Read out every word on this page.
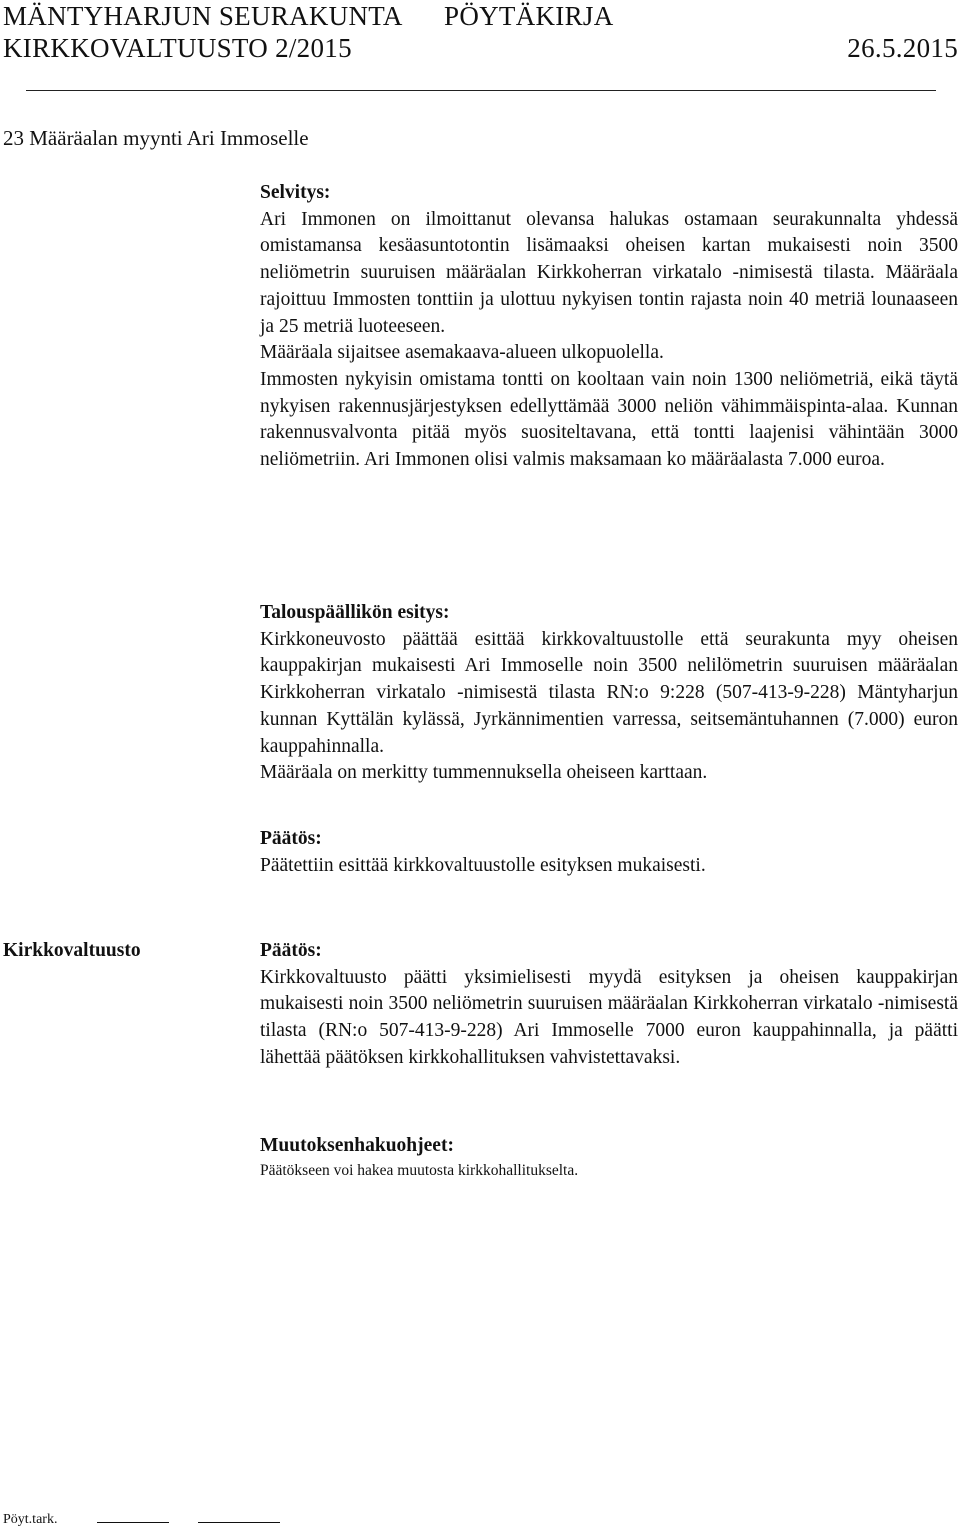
MÄNTYHARJUN SEURAKUNTA PÖYTÄKIRJA
KIRKKOVALTUUSTO 2/2015	26.5.2015
23 Määräalan myynti Ari Immoselle
Selvitys:

Ari Immonen on ilmoittanut olevansa halukas ostamaan seurakunnalta yhdessä omistamansa kesäasuntotontin lisämaaksi oheisen kartan mukaisesti noin 3500 neliömetrin suuruisen määräalan Kirkkoherran virkatalo -nimisestä tilasta. Määräala rajoittuu Immosten tonttiin ja ulottuu nykyisen tontin rajasta noin 40 metriä lounaaseen ja 25 metriä luoteeseen.

Määräala sijaitsee asemakaava-alueen ulkopuolella.

Immosten nykyisin omistama tontti on kooltaan vain noin 1300 neliömetriä, eikä täytä nykyisen rakennusjärjestyksen edellyttämää 3000 neliön vähimmäispinta-alaa. Kunnan rakennusvalvonta pitää myös suositeltavana, että tontti laajenisi vähintään 3000 neliömetriin. Ari Immonen olisi valmis maksamaan ko määräalasta 7.000 euroa.

Talouspäällikön esitys:

Kirkkoneuvosto päättää esittää kirkkovaltuustolle että seurakunta myy oheisen kauppakirjan mukaisesti Ari Immoselle noin 3500 nelilömetrin suuruisen määräalan Kirkkoherran virkatalo -nimisestä tilasta RN:o 9:228 (507-413-9-228) Mäntyharjun kunnan Kyttälän kylässä, Jyrkännimentien varressa, seitsemäntuhannen (7.000) euron kauppahinnalla.

Määräala on merkitty tummennuksella oheiseen karttaan.

Päätös:

Päätettiin esittää kirkkovaltuustolle esityksen mukaisesti.

Kirkkovaltuusto	Päätös:

Kirkkovaltuusto päätti yksimielisesti myydä esityksen ja oheisen kauppakirjan mukaisesti noin 3500 neliömetrin suuruisen määräalan Kirkkoherran virkatalo -nimisestä tilasta (RN:o 507-413-9-228) Ari Immoselle 7000 euron kauppahinnalla, ja päätti lähettää päätöksen kirkkohallituksen vahvistettavaksi.

Muutoksenhakuohjeet:

Päätökseen voi hakea muutosta kirkkohallitukselta.

Pöyt.tark.
